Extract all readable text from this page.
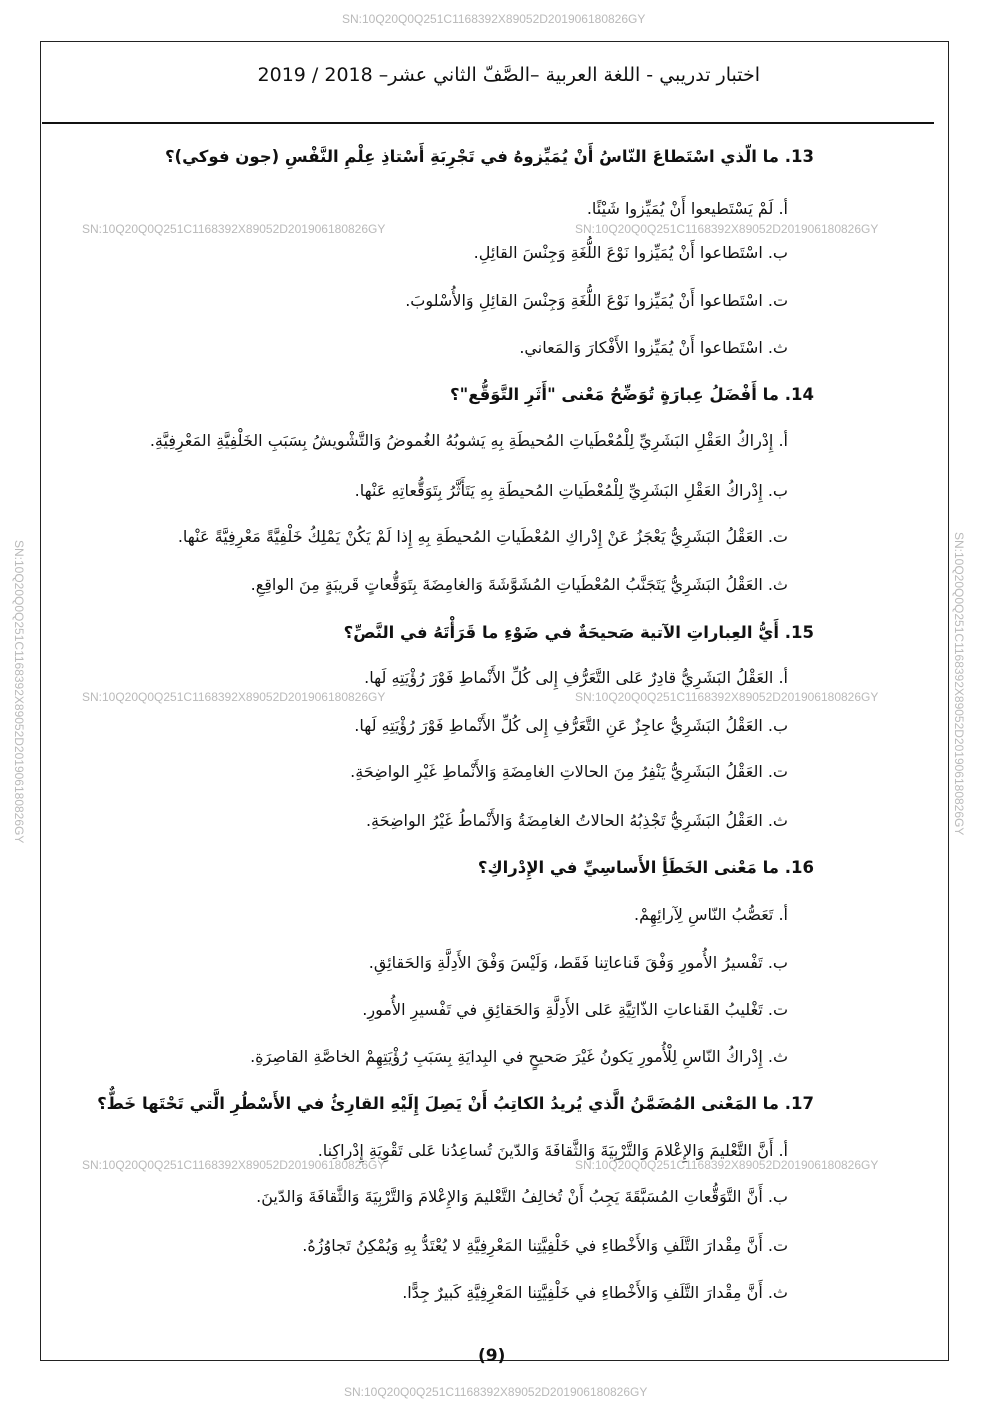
SN:10Q20Q0Q251C1168392X89052D201906180826GY
SN:10Q20Q0Q251C1168392X89052D201906180826GY
SN:10Q20Q0Q251C1168392X89052D201906180826GY	SN:10Q20Q0Q251C1168392X89052D201906180826GY
SN:10Q20Q0Q251C1168392X89052D201906180826GY	SN:10Q20Q0Q251C1168392X89052D201906180826GY
SN:10Q20Q0Q251C1168392X89052D201906180826GY	SN:10Q20Q0Q251C1168392X89052D201906180826GY
SN:10Q20Q0Q251C1168392X89052D201906180826GY	SN:10Q20Q0Q251C1168392X89052D201906180826GY
اختبار تدريبي - اللغة العربية –الصَّفّ الثاني عشر– 2018 / 2019
13. ما الّذي اسْتَطاعَ النّاسُ أَنْ يُمَيِّزوهُ في تَجْرِبَةِ أَسْتاذِ عِلْمِ النَّفْسِ (جون فوكي)؟
أ. لَمْ يَسْتَطيعوا أَنْ يُمَيِّزوا شَيْئًا.
ب. اسْتَطاعوا أَنْ يُمَيِّزوا نَوْعَ اللُّغَةِ وَجِنْسَ القائِلِ.
ت. اسْتَطاعوا أَنْ يُمَيِّزوا نَوْعَ اللُّغَةِ وَجِنْسَ القائِلِ وَالأُسْلوبَ.
ث. اسْتَطاعوا أَنْ يُمَيِّزوا الأَفْكارَ وَالمَعاني.
14. ما أَفْضَلُ عِبارَةٍ تُوَضِّحُ مَعْنى "أَثَرِ التَّوَقُّع"؟
أ. إِدْراكُ العَقْلِ البَشَرِيِّ لِلْمُعْطَياتِ المُحيطَةِ بِهِ يَشوبُهُ الغُموضُ وَالتَّشْويشُ بِسَبَبِ الخَلْفِيَّةِ المَعْرِفِيَّةِ.
ب. إِدْراكُ العَقْلِ البَشَرِيِّ لِلْمُعْطَياتِ المُحيطَةِ بِهِ يَتَأَثَّرُ بِتَوَقُّعاتِهِ عَنْها.
ت. العَقْلُ البَشَرِيُّ يَعْجَزُ عَنْ إِدْراكِ المُعْطَياتِ المُحيطَةِ بِهِ إِذا لَمْ يَكُنْ يَمْلِكُ خَلْفِيَّةً مَعْرِفِيَّةً عَنْها.
ث. العَقْلُ البَشَرِيُّ يَتَجَنَّبُ المُعْطَياتِ المُشَوَّشَةَ وَالغامِضَةَ بِتَوَقُّعاتٍ قَريبَةٍ مِنَ الواقِعِ.
15. أَيُّ العِباراتِ الآتية صَحيحَةٌ في ضَوْءِ ما قَرَأْتَهُ في النَّصِّ؟
أ. العَقْلُ البَشَرِيُّ قادِرٌ عَلى التَّعَرُّفِ إِلى كُلِّ الأَنْماطِ فَوْرَ رُؤْيَتِهِ لَها.
ب. العَقْلُ البَشَرِيُّ عاجِزٌ عَنِ التَّعَرُّفِ إِلى كُلِّ الأَنْماطِ فَوْرَ رُؤْيَتِهِ لَها.
ت. العَقْلُ البَشَرِيُّ يَنْفِرُ مِنَ الحالاتِ الغامِضَةِ وَالأَنْماطِ غَيْرِ الواضِحَةِ.
ث. العَقْلُ البَشَرِيُّ تَجْذِبُهُ الحالاتُ الغامِضَةُ وَالأَنْماطُ غَيْرُ الواضِحَةِ.
16. ما مَعْنى الخَطَأِ الأَساسِيِّ في الإِدْراكِ؟
أ. تَعَصُّبُ النّاسِ لِآرائِهِمْ.
ب. تَفْسيرُ الأُمورِ وَفْقَ قَناعاتِنا فَقَط، وَلَيْسَ وَفْقَ الأَدِلَّةِ وَالحَقائِقِ.
ت. تَغْليبُ القَناعاتِ الذّاتِيَّةِ عَلى الأَدِلَّةِ وَالحَقائِقِ في تَفْسيرِ الأُمورِ.
ث. إِدْراكُ النّاسِ لِلْأُمورِ يَكونُ غَيْرَ صَحيحٍ في البِدايَةِ بِسَبَبِ رُؤْيَتِهِمْ الخاصَّةِ القاصِرَةِ.
17. ما المَعْنى المُضَمَّنُ الَّذي يُريدُ الكاتِبُ أَنْ يَصِلَ إِلَيْهِ القارِئُ في الأَسْطُرِ الَّتي تَحْتَها خَطٌّ؟
أ. أَنَّ التَّعْليمَ وَالإِعْلامَ وَالتَّرْبِيَةَ وَالثَّقافَةَ وَالدّينَ تُساعِدُنا عَلى تَقْوِيَةِ إِدْراكِنا.
ب. أَنَّ التَّوَقُّعاتِ المُسَبَّقَةَ يَجِبُ أَنْ تُخالِفُ التَّعْليمَ وَالإِعْلامَ وَالتَّرْبِيَةَ وَالثَّقافَةَ وَالدّينَ.
ت. أَنَّ مِقْدارَ التَّلَفِ وَالأَخْطاءِ في خَلْفِيَّتِنا المَعْرِفِيَّةِ لا يُعْتَدُّ بِهِ وَيُمْكِنُ تَجاوُزُهُ.
ث. أَنَّ مِقْدارَ التَّلَفِ وَالأَخْطاءِ في خَلْفِيَّتِنا المَعْرِفِيَّةِ كَبيرٌ جِدًّا.
(9)
